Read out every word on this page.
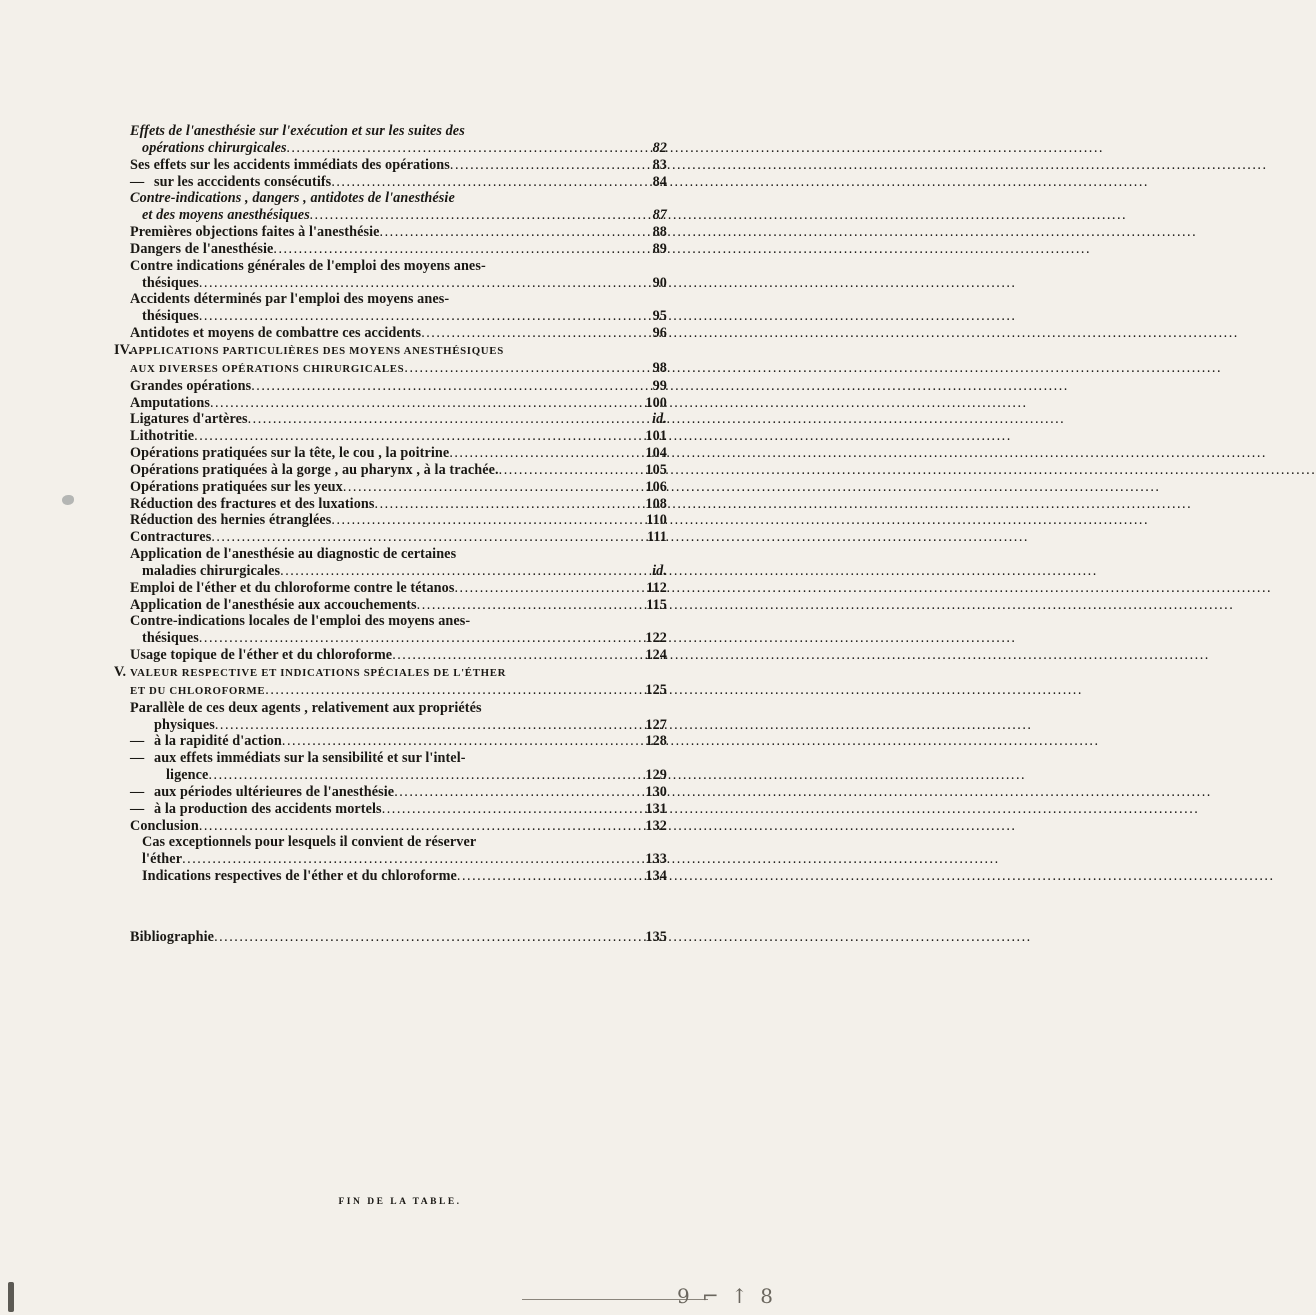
Effets de l'anesthésie sur l'exécution et sur les suites des
opérations chirurgicales .....	82
Ses effets sur les accidents immédiats des opérations .....	83
— sur les acccidents consécutifs .....	84
Contre-indications , dangers , antidotes de l'anesthésie
et des moyens anesthésiques .....	87
Premières objections faites à l'anesthésie .....	88
Dangers de l'anesthésie .....	89
Contre indications générales de l'emploi des moyens anes-
thésiques .....	90
Accidents déterminés par l'emploi des moyens anes-
thésiques .....	95
Antidotes et moyens de combattre ces accidents .....	96
IV.APPLICATIONS PARTICULIÈRES DES MOYENS ANESTHÉSIQUES
AUX DIVERSES OPÉRATIONS CHIRURGICALES .....	98
Grandes opérations .....	99
Amputations .....	100
Ligatures d'artères .....	id.
Lithotritie .....	101
Opérations pratiquées sur la tête, le cou , la poitrine .....	104
Opérations pratiquées à la gorge , au pharynx , à la trachée. .....	105
Opérations pratiquées sur les yeux .....	106
Réduction des fractures et des luxations .....	108
Réduction des hernies étranglées .....	110
Contractures .....	111
Application de l'anesthésie au diagnostic de certaines
maladies chirurgicales .....	id.
Emploi de l'éther et du chloroforme contre le tétanos .....	112
Application de l'anesthésie aux accouchements .....	115
Contre-indications locales de l'emploi des moyens anes-
thésiques .....	122
Usage topique de l'éther et du chloroforme .....	124
V. VALEUR RESPECTIVE ET INDICATIONS SPÉCIALES DE L'ÉTHER
ET DU CHLOROFORME .....	125
Parallèle de ces deux agents , relativement aux propriétés
physiques .....	127
— à la rapidité d'action .....	128
— aux effets immédiats sur la sensibilité et sur l'intel-
ligence .....	129
— aux périodes ultérieures de l'anesthésie .....	130
— à la production des accidents mortels .....	131
Conclusion .....	132
Cas exceptionnels pour lesquels il convient de réserver
l'éther .....	133
Indications respectives de l'éther et du chloroforme .....	134
Bibliographie .....	135
FIN DE LA TABLE.
9 ⌐ ↑ 8
